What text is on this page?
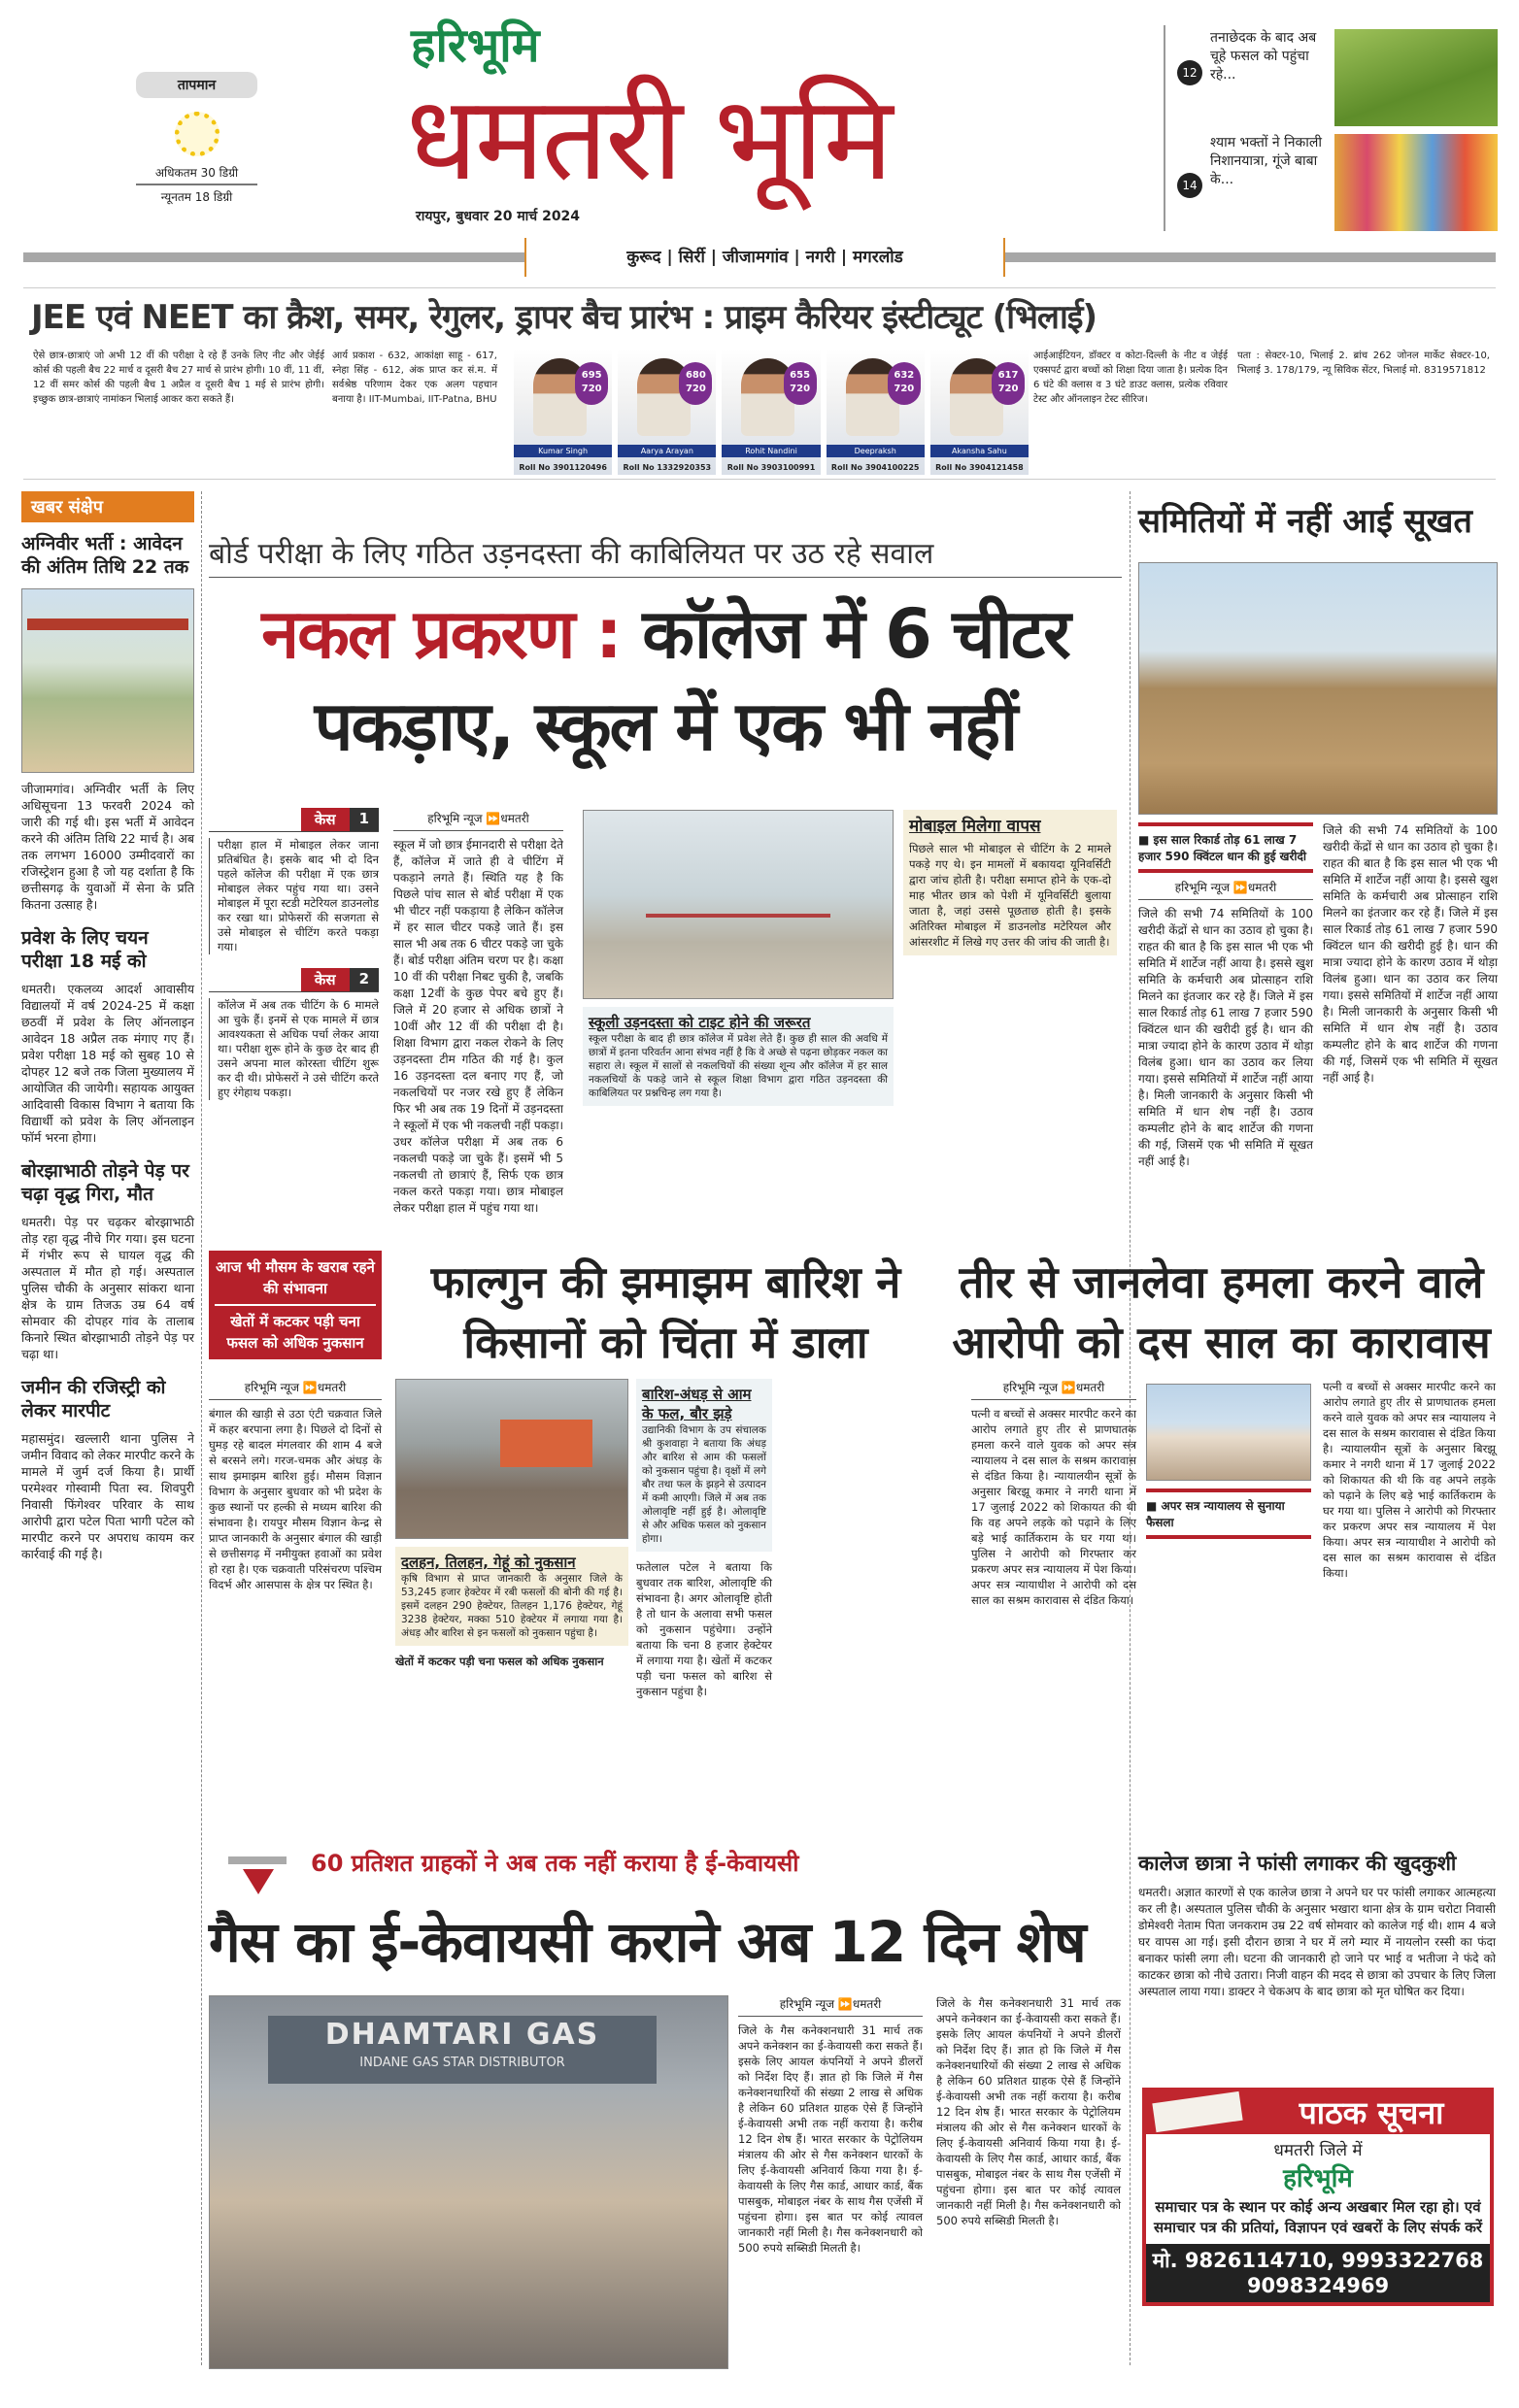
तापमान
अधिकतम 30 डिग्री
न्यूनतम 18 डिग्री
हरिभूमि
धमतरी भूमि
रायपुर, बुधवार 20 मार्च 2024
12
तनाछेदक के बाद अब चूहे फसल को पहुंचा रहे...
14
श्याम भक्तों ने निकाली निशानयात्रा, गूंजे बाबा के...
कुरूद | सिर्री | जीजामगांव | नगरी | मगरलोड
JEE एवं NEET का क्रैश, समर, रेगुलर, ड्रापर बैच प्रारंभ : प्राइम कैरियर इंस्टीट्यूट (भिलाई)
ऐसे छात्र-छात्राएं जो अभी 12 वीं की परीक्षा दे रहे हैं उनके लिए नीट और जेईई कोर्स की पहली बैच 22 मार्च व दूसरी बैच 27 मार्च से प्रारंभ होगी। 10 वीं, 11 वीं, 12 वीं समर कोर्स की पहली बैच 1 अप्रैल व दूसरी बैच 1 मई से प्रारंभ होगी। इच्छुक छात्र-छात्राएं नामांकन भिलाई आकर करा सकते हैं।
आर्य प्रकाश - 632, आकांक्षा साहू - 617, स्नेहा सिंह - 612, अंक प्राप्त कर सं.म. में सर्वश्रेष्ठ परिणाम देकर एक अलग पहचान बनाया है। IIT-Mumbai, IIT-Patna, BHU
695
720
Kumar Singh
Roll No 3901120496
680
720
Aarya Arayan
Roll No 1332920353
655
720
Rohit Nandini
Roll No 3903100991
632
720
Deepraksh
Roll No 3904100225
617
720
Akansha Sahu
Roll No 3904121458
आईआईटियन, डॉक्टर व कोटा-दिल्ली के नीट व जेईई एक्सपर्ट द्वारा बच्चों को शिक्षा दिया जाता है। प्रत्येक दिन 6 घंटे की क्लास व 3 घंटे डाउट क्लास, प्रत्येक रविवार टेस्ट और ऑनलाइन टेस्ट सीरिज।
पता : सेक्टर-10, भिलाई 2. ब्रांच 262 जोनल मार्केट सेक्टर-10, भिलाई 3. 178/179, न्यू सिविक सेंटर, भिलाई मो. 8319571812
खबर संक्षेप
अग्निवीर भर्ती : आवेदन की अंतिम तिथि 22 तक
जीजामगांव। अग्निवीर भर्ती के लिए अधिसूचना 13 फरवरी 2024 को जारी की गई थी। इस भर्ती में आवेदन करने की अंतिम तिथि 22 मार्च है। अब तक लगभग 16000 उम्मीदवारों का रजिस्ट्रेशन हुआ है जो यह दर्शाता है कि छत्तीसगढ़ के युवाओं में सेना के प्रति कितना उत्साह है।
प्रवेश के लिए चयन परीक्षा 18 मई को
धमतरी। एकलव्य आदर्श आवासीय विद्यालयों में वर्ष 2024-25 में कक्षा छठवीं में प्रवेश के लिए ऑनलाइन आवेदन 18 अप्रैल तक मंगाए गए हैं। प्रवेश परीक्षा 18 मई को सुबह 10 से दोपहर 12 बजे तक जिला मुख्यालय में आयोजित की जायेगी। सहायक आयुक्त आदिवासी विकास विभाग ने बताया कि विद्यार्थी को प्रवेश के लिए ऑनलाइन फॉर्म भरना होगा।
बोरझाभाठी तोड़ने पेड़ पर चढ़ा वृद्ध गिरा, मौत
धमतरी। पेड़ पर चढ़कर बोरझाभाठी तोड़ रहा वृद्ध नीचे गिर गया। इस घटना में गंभीर रूप से घायल वृद्ध की अस्पताल में मौत हो गई। अस्पताल पुलिस चौकी के अनुसार सांकरा थाना क्षेत्र के ग्राम तिजऊ उम्र 64 वर्ष सोमवार की दोपहर गांव के तालाब किनारे स्थित बोरझाभाठी तोड़ने पेड़ पर चढ़ा था।
जमीन की रजिस्ट्री को लेकर मारपीट
महासमुंद। खल्लारी थाना पुलिस ने जमीन विवाद को लेकर मारपीट करने के मामले में जुर्म दर्ज किया है। प्रार्थी परमेश्वर गोस्वामी पिता स्व. शिवपुरी निवासी फिंगेश्वर परिवार के साथ आरोपी द्वारा पटेल पिता भागी पटेल को मारपीट करने पर अपराध कायम कर कार्रवाई की गई है।
बोर्ड परीक्षा के लिए गठित उड़नदस्ता की काबिलियत पर उठ रहे सवाल
नकल प्रकरण : कॉलेज में 6 चीटर पकड़ाए, स्कूल में एक भी नहीं
केस	1
परीक्षा हाल में मोबाइल लेकर जाना प्रतिबंधित है। इसके बाद भी दो दिन पहले कॉलेज की परीक्षा में एक छात्र मोबाइल लेकर पहुंच गया था। उसने मोबाइल में पूरा स्टडी मटेरियल डाउनलोड कर रखा था। प्रोफेसरों की सजगता से उसे मोबाइल से चीटिंग करते पकड़ा गया।
केस	2
कॉलेज में अब तक चीटिंग के 6 मामले आ चुके हैं। इनमें से एक मामले में छात्र आवश्यकता से अधिक पर्चा लेकर आया था। परीक्षा शुरू होने के कुछ देर बाद ही उसने अपना माल कोरस्ता चीटिंग शुरू कर दी थी। प्रोफेसरों ने उसे चीटिंग करते हुए रंगेहाथ पकड़ा।
हरिभूमि न्यूज ⏩धमतरी
स्कूल में जो छात्र ईमानदारी से परीक्षा देते हैं, कॉलेज में जाते ही वे चीटिंग में पकड़ाने लगते हैं। स्थिति यह है कि पिछले पांच साल से बोर्ड परीक्षा में एक भी चीटर नहीं पकड़ाया है लेकिन कॉलेज में हर साल चीटर पकड़े जाते हैं। इस साल भी अब तक 6 चीटर पकड़े जा चुके हैं। बोर्ड परीक्षा अंतिम चरण पर है। कक्षा 10 वीं की परीक्षा निबट चुकी है, जबकि कक्षा 12वीं के कुछ पेपर बचे हुए हैं। जिले में 20 हजार से अधिक छात्रों ने 10वीं और 12 वीं की परीक्षा दी है। शिक्षा विभाग द्वारा नकल रोकने के लिए उड़नदस्ता टीम गठित की गई है। कुल 16 उड़नदस्ता दल बनाए गए हैं, जो नकलचियों पर नजर रखे हुए हैं लेकिन फिर भी अब तक 19 दिनों में उड़नदस्ता ने स्कूलों में एक भी नकलची नहीं पकड़ा। उधर कॉलेज परीक्षा में अब तक 6 नकलची पकड़े जा चुके हैं। इसमें भी 5 नकलची तो छात्राएं हैं, सिर्फ एक छात्र नकल करते पकड़ा गया। छात्र मोबाइल लेकर परीक्षा हाल में पहुंच गया था।
स्कूली उड़नदस्ता को टाइट होने की जरूरत
स्कूल परीक्षा के बाद ही छात्र कॉलेज में प्रवेश लेते हैं। कुछ ही साल की अवधि में छात्रों में इतना परिवर्तन आना संभव नहीं है कि वे अच्छे से पढ़ना छोड़कर नकल का सहारा ले। स्कूल में सालों से नकलचियों की संख्या शून्य और कॉलेज में हर साल नकलचियों के पकड़े जाने से स्कूल शिक्षा विभाग द्वारा गठित उड़नदस्ता की काबिलियत पर प्रश्नचिन्ह लग गया है।
मोबाइल मिलेगा वापस
पिछले साल भी मोबाइल से चीटिंग के 2 मामले पकड़े गए थे। इन मामलों में बकायदा यूनिवर्सिटी द्वारा जांच होती है। परीक्षा समाप्त होने के एक-दो माह भीतर छात्र को पेशी में यूनिवर्सिटी बुलाया जाता है, जहां उससे पूछताछ होती है। इसके अतिरिक्त मोबाइल में डाउनलोड मटेरियल और आंसरशीट में लिखे गए उत्तर की जांच की जाती है।
समितियों में नहीं आई सूखत
■ इस साल रिकार्ड तोड़ 61 लाख 7 हजार 590 क्विंटल धान की हुई खरीदी
हरिभूमि न्यूज ⏩धमतरी
जिले की सभी 74 समितियों के 100 खरीदी केंद्रों से धान का उठाव हो चुका है। राहत की बात है कि इस साल भी एक भी समिति में शार्टेज नहीं आया है। इससे खुश समिति के कर्मचारी अब प्रोत्साहन राशि मिलने का इंतजार कर रहे हैं। जिले में इस साल रिकार्ड तोड़ 61 लाख 7 हजार 590 क्विंटल धान की खरीदी हुई है। धान की मात्रा ज्यादा होने के कारण उठाव में थोड़ा विलंब हुआ। धान का उठाव कर लिया गया। इससे समितियों में शार्टेज नहीं आया है। मिली जानकारी के अनुसार किसी भी समिति में धान शेष नहीं है। उठाव कम्पलीट होने के बाद शार्टेज की गणना की गई, जिसमें एक भी समिति में सूखत नहीं आई है।
जिले की सभी 74 समितियों के 100 खरीदी केंद्रों से धान का उठाव हो चुका है। राहत की बात है कि इस साल भी एक भी समिति में शार्टेज नहीं आया है। इससे खुश समिति के कर्मचारी अब प्रोत्साहन राशि मिलने का इंतजार कर रहे हैं। जिले में इस साल रिकार्ड तोड़ 61 लाख 7 हजार 590 क्विंटल धान की खरीदी हुई है। धान की मात्रा ज्यादा होने के कारण उठाव में थोड़ा विलंब हुआ। धान का उठाव कर लिया गया। इससे समितियों में शार्टेज नहीं आया है। मिली जानकारी के अनुसार किसी भी समिति में धान शेष नहीं है। उठाव कम्पलीट होने के बाद शार्टेज की गणना की गई, जिसमें एक भी समिति में सूखत नहीं आई है।
आज भी मौसम के खराब रहने की संभावना
खेतों में कटकर पड़ी चना फसल को अधिक नुकसान
फाल्गुन की झमाझम बारिश ने किसानों को चिंता में डाला
हरिभूमि न्यूज ⏩धमतरी
बंगाल की खाड़ी से उठा एंटी चक्रवात जिले में कहर बरपाना लगा है। पिछले दो दिनों से घुमड़ रहे बादल मंगलवार की शाम 4 बजे से बरसने लगे। गरज-चमक और अंधड़ के साथ झमाझम बारिश हुई। मौसम विज्ञान विभाग के अनुसार बुधवार को भी प्रदेश के कुछ स्थानों पर हल्की से मध्यम बारिश की संभावना है। रायपुर मौसम विज्ञान केन्द्र से प्राप्त जानकारी के अनुसार बंगाल की खाड़ी से छत्तीसगढ़ में नमीयुक्त हवाओं का प्रवेश हो रहा है। एक चक्रवाती परिसंचरण पश्चिम विदर्भ और आसपास के क्षेत्र पर स्थित है।
दलहन, तिलहन, गेहूं को नुकसान
कृषि विभाग से प्राप्त जानकारी के अनुसार जिले के 53,245 हजार हेक्टेयर में रबी फसलों की बोनी की गई है। इसमें दलहन 290 हेक्टेयर, तिलहन 1,176 हेक्टेयर, गेहूं 3238 हेक्टेयर, मक्का 510 हेक्टेयर में लगाया गया है। अंधड़ और बारिश से इन फसलों को नुकसान पहुंचा है।
खेतों में कटकर पड़ी चना फसल को अधिक नुकसान
बारिश-अंधड़ से आम के फल, बौर झड़े
उद्यानिकी विभाग के उप संचालक श्री कुशवाहा ने बताया कि अंधड़ और बारिश से आम की फसलों को नुकसान पहुंचा है। वृक्षों में लगे बौर तथा फल के झड़ने से उत्पादन में कमी आएगी। जिले में अब तक ओलावृष्टि नहीं हुई है। ओलावृष्टि से और अधिक फसल को नुकसान होगा।
फतेलाल पटेल ने बताया कि बुधवार तक बारिश, ओलावृष्टि की संभावना है। अगर ओलावृष्टि होती है तो धान के अलावा सभी फसल को नुकसान पहुंचेगा। उन्होंने बताया कि चना 8 हजार हेक्टेयर में लगाया गया है। खेतों में कटकर पड़ी चना फसल को बारिश से नुकसान पहुंचा है।
तीर से जानलेवा हमला करने वाले आरोपी को दस साल का कारावास
हरिभूमि न्यूज ⏩धमतरी
पत्नी व बच्चों से अक्सर मारपीट करने का आरोप लगाते हुए तीर से प्राणघातक हमला करने वाले युवक को अपर सत्र न्यायालय ने दस साल के सश्रम कारावास से दंडित किया है। न्यायालयीन सूत्रों के अनुसार बिरझू कमार ने नगरी थाना में 17 जुलाई 2022 को शिकायत की थी कि वह अपने लड़के को पढ़ाने के लिए बड़े भाई कार्तिकराम के घर गया था। पुलिस ने आरोपी को गिरफ्तार कर प्रकरण अपर सत्र न्यायालय में पेश किया। अपर सत्र न्यायाधीश ने आरोपी को दस साल का सश्रम कारावास से दंडित किया।
■ अपर सत्र न्यायालय से सुनाया फैसला
पत्नी व बच्चों से अक्सर मारपीट करने का आरोप लगाते हुए तीर से प्राणघातक हमला करने वाले युवक को अपर सत्र न्यायालय ने दस साल के सश्रम कारावास से दंडित किया है। न्यायालयीन सूत्रों के अनुसार बिरझू कमार ने नगरी थाना में 17 जुलाई 2022 को शिकायत की थी कि वह अपने लड़के को पढ़ाने के लिए बड़े भाई कार्तिकराम के घर गया था। पुलिस ने आरोपी को गिरफ्तार कर प्रकरण अपर सत्र न्यायालय में पेश किया। अपर सत्र न्यायाधीश ने आरोपी को दस साल का सश्रम कारावास से दंडित किया।
60 प्रतिशत ग्राहकों ने अब तक नहीं कराया है ई-केवायसी
गैस का ई-केवायसी कराने अब 12 दिन शेष
DHAMTARI GAS
INDANE GAS STAR DISTRIBUTOR
हरिभूमि न्यूज ⏩धमतरी
जिले के गैस कनेक्शनधारी 31 मार्च तक अपने कनेक्शन का ई-केवायसी करा सकते हैं। इसके लिए आयल कंपनियों ने अपने डीलरों को निर्देश दिए हैं। ज्ञात हो कि जिले में गैस कनेक्शनधारियों की संख्या 2 लाख से अधिक है लेकिन 60 प्रतिशत ग्राहक ऐसे हैं जिन्होंने ई-केवायसी अभी तक नहीं कराया है। करीब 12 दिन शेष हैं। भारत सरकार के पेट्रोलियम मंत्रालय की ओर से गैस कनेक्शन धारकों के लिए ई-केवायसी अनिवार्य किया गया है। ई-केवायसी के लिए गैस कार्ड, आधार कार्ड, बैंक पासबुक, मोबाइल नंबर के साथ गैस एजेंसी में पहुंचना होगा। इस बात पर कोई त्यावल जानकारी नहीं मिली है। गैस कनेक्शनधारी को 500 रुपये सब्सिडी मिलती है।
जिले के गैस कनेक्शनधारी 31 मार्च तक अपने कनेक्शन का ई-केवायसी करा सकते हैं। इसके लिए आयल कंपनियों ने अपने डीलरों को निर्देश दिए हैं। ज्ञात हो कि जिले में गैस कनेक्शनधारियों की संख्या 2 लाख से अधिक है लेकिन 60 प्रतिशत ग्राहक ऐसे हैं जिन्होंने ई-केवायसी अभी तक नहीं कराया है। करीब 12 दिन शेष हैं। भारत सरकार के पेट्रोलियम मंत्रालय की ओर से गैस कनेक्शन धारकों के लिए ई-केवायसी अनिवार्य किया गया है। ई-केवायसी के लिए गैस कार्ड, आधार कार्ड, बैंक पासबुक, मोबाइल नंबर के साथ गैस एजेंसी में पहुंचना होगा। इस बात पर कोई त्यावल जानकारी नहीं मिली है। गैस कनेक्शनधारी को 500 रुपये सब्सिडी मिलती है।
कालेज छात्रा ने फांसी लगाकर की खुदकुशी
धमतरी। अज्ञात कारणों से एक कालेज छात्रा ने अपने घर पर फांसी लगाकर आत्महत्या कर ली है। अस्पताल पुलिस चौकी के अनुसार भखारा थाना क्षेत्र के ग्राम चरोटा निवासी डोमेश्वरी नेताम पिता जनकराम उम्र 22 वर्ष सोमवार को कालेज गई थी। शाम 4 बजे घर वापस आ गई। इसी दौरान छात्रा ने घर में लगे म्यार में नायलोन रस्सी का फंदा बनाकर फांसी लगा ली। घटना की जानकारी हो जाने पर भाई व भतीजा ने फंदे को काटकर छात्रा को नीचे उतारा। निजी वाहन की मदद से छात्रा को उपचार के लिए जिला अस्पताल लाया गया। डाक्टर ने चेकअप के बाद छात्रा को मृत घोषित कर दिया।
पाठक सूचना
धमतरी जिले में
हरिभूमि
समाचार पत्र के स्थान पर कोई अन्य अखबार मिल रहा हो। एवं समाचार पत्र की प्रतियां, विज्ञापन एवं खबरों के लिए संपर्क करें
मो. 9826114710, 9993322768
9098324969
